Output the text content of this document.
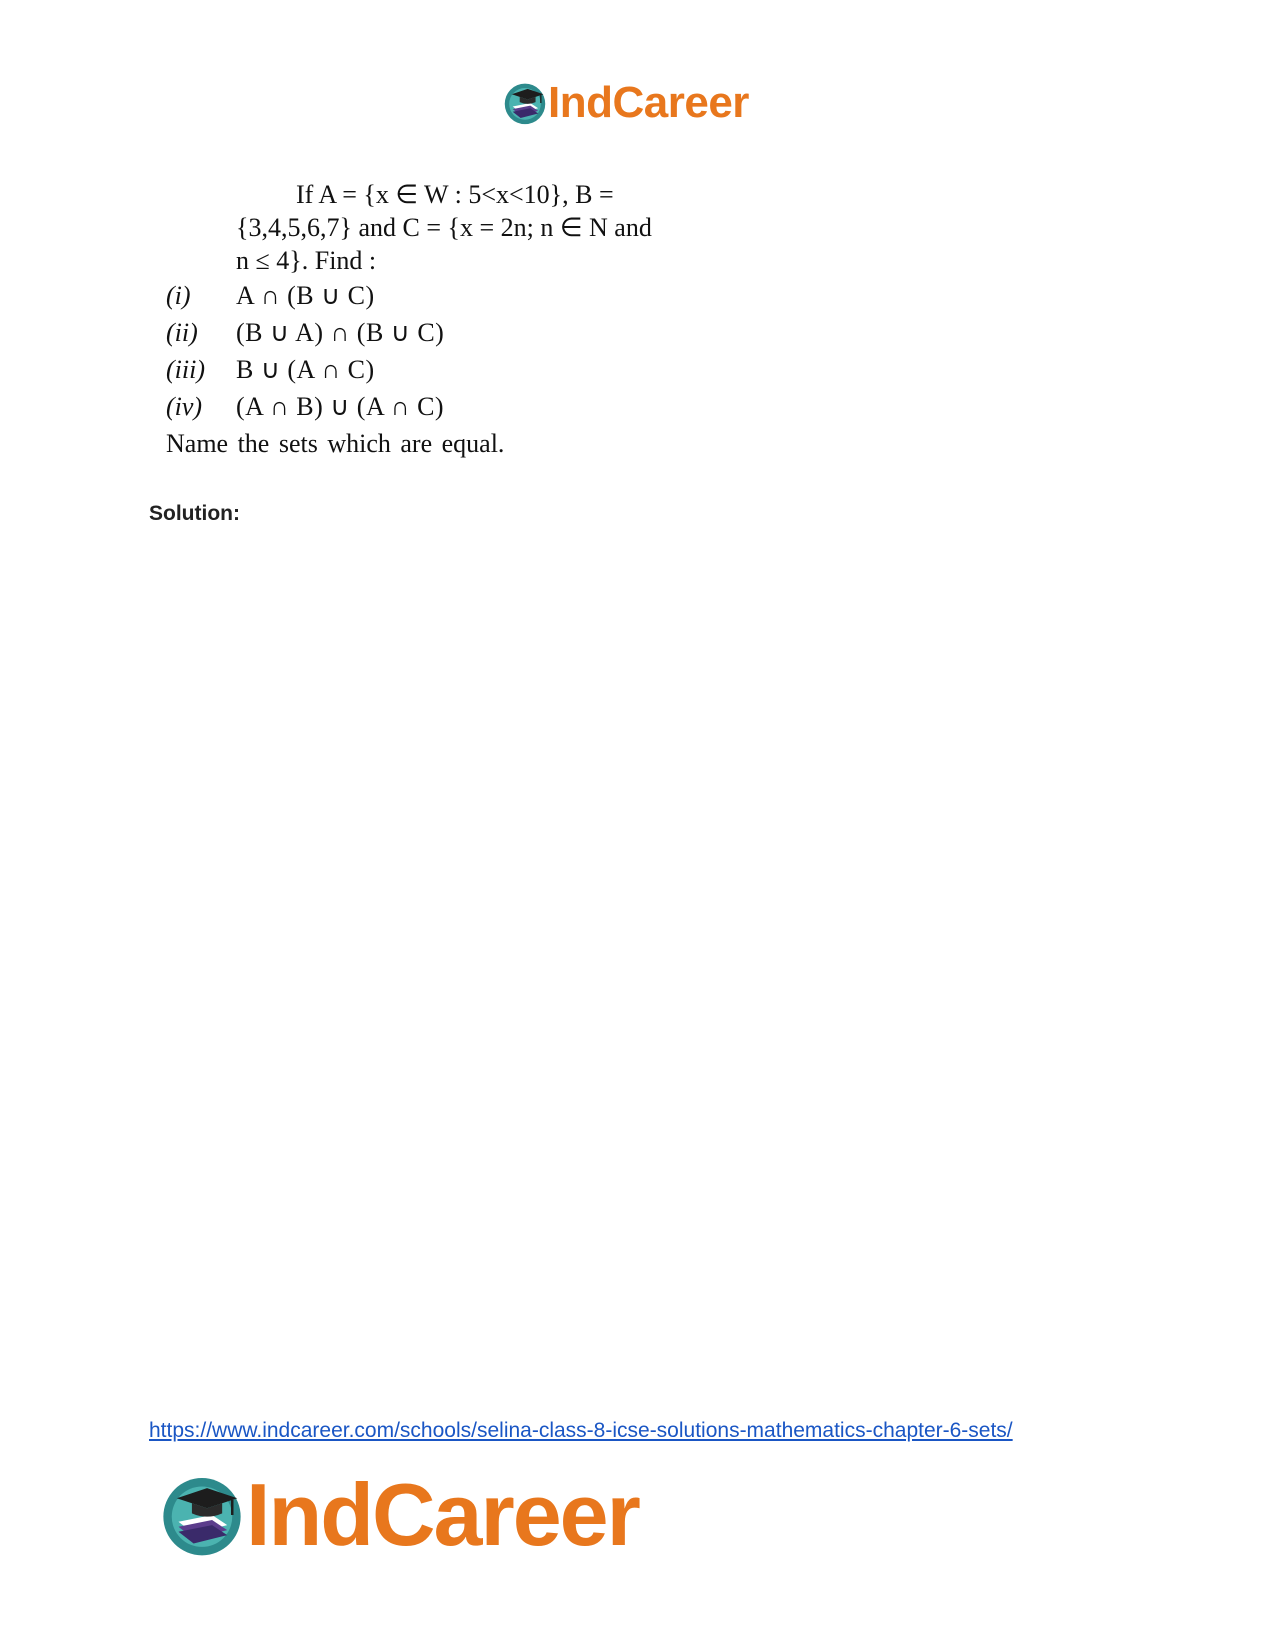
IndCareer
If A = {x ∈ W : 5<x<10}, B =
{3,4,5,6,7} and C = {x = 2n; n ∈ N and
n ≤ 4}. Find :
(i)	A ∩ (B ∪ C)
(ii)	(B ∪ A) ∩ (B ∪ C)
(iii)	B ∪ (A ∩ C)
(iv)	(A ∩ B) ∪ (A ∩ C)
Name the sets which are equal.
Solution:
https://www.indcareer.com/schools/selina-class-8-icse-solutions-mathematics-chapter-6-sets/
IndCareer
